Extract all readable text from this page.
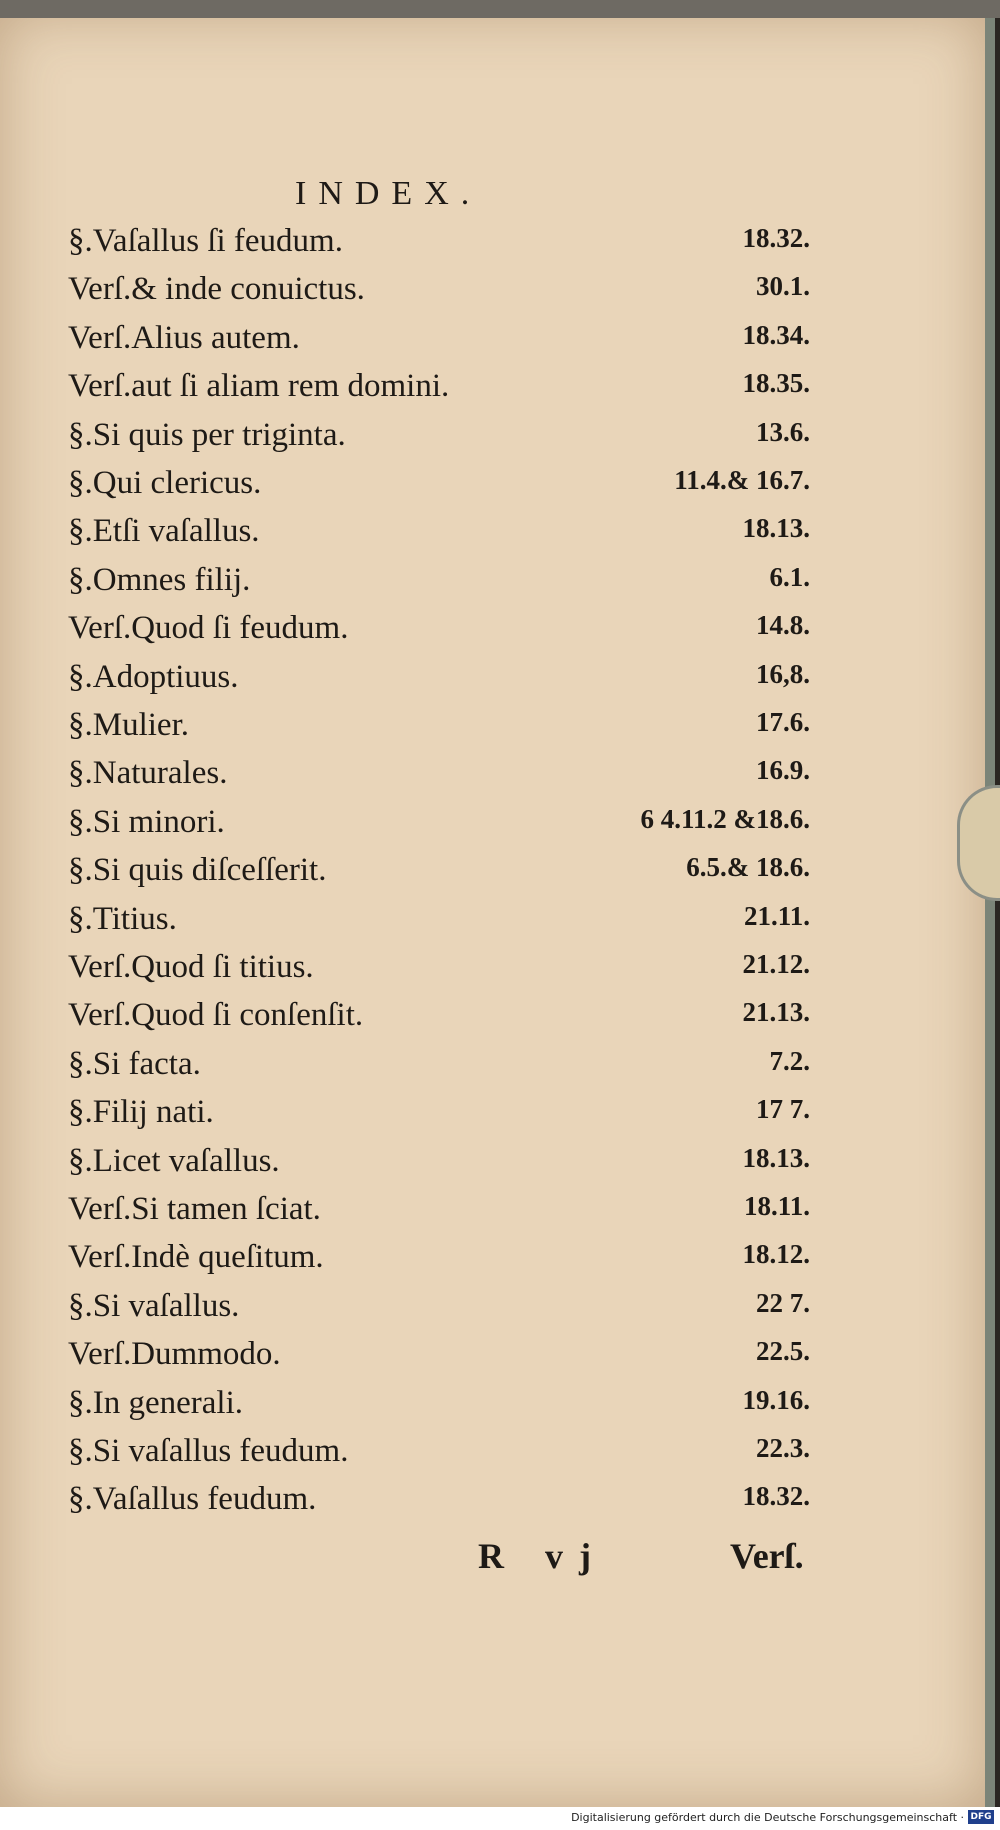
INDEX.
§.Vaſallus ſi feudum.	18.32.
Verſ.& inde conuictus.	30.1.
Verſ.Alius autem.	18.34.
Verſ.aut ſi aliam rem domini.	18.35.
§.Si quis per triginta.	13.6.
§.Qui clericus.	11.4.& 16.7.
§.Etſi vaſallus.	18.13.
§.Omnes filij.	6.1.
Verſ.Quod ſi feudum.	14.8.
§.Adoptiuus.	16,8.
§.Mulier.	17.6.
§.Naturales.	16.9.
§.Si minori.	6 4.11.2 &18.6.
§.Si quis diſceſſerit.	6.5.& 18.6.
§.Titius.	21.11.
Verſ.Quod ſi titius.	21.12.
Verſ.Quod ſi conſenſit.	21.13.
§.Si facta.	7.2.
§.Filij nati.	17 7.
§.Licet vaſallus.	18.13.
Verſ.Si tamen ſciat.	18.11.
Verſ.Indè queſitum.	18.12.
§.Si vaſallus.	22 7.
Verſ.Dummodo.	22.5.
§.In generali.	19.16.
§.Si vaſallus feudum.	22.3.
§.Vaſallus feudum.	18.32.
R vj	Verſ.
Digitalisierung gefördert durch die Deutsche Forschungsgemeinschaft · DFG
